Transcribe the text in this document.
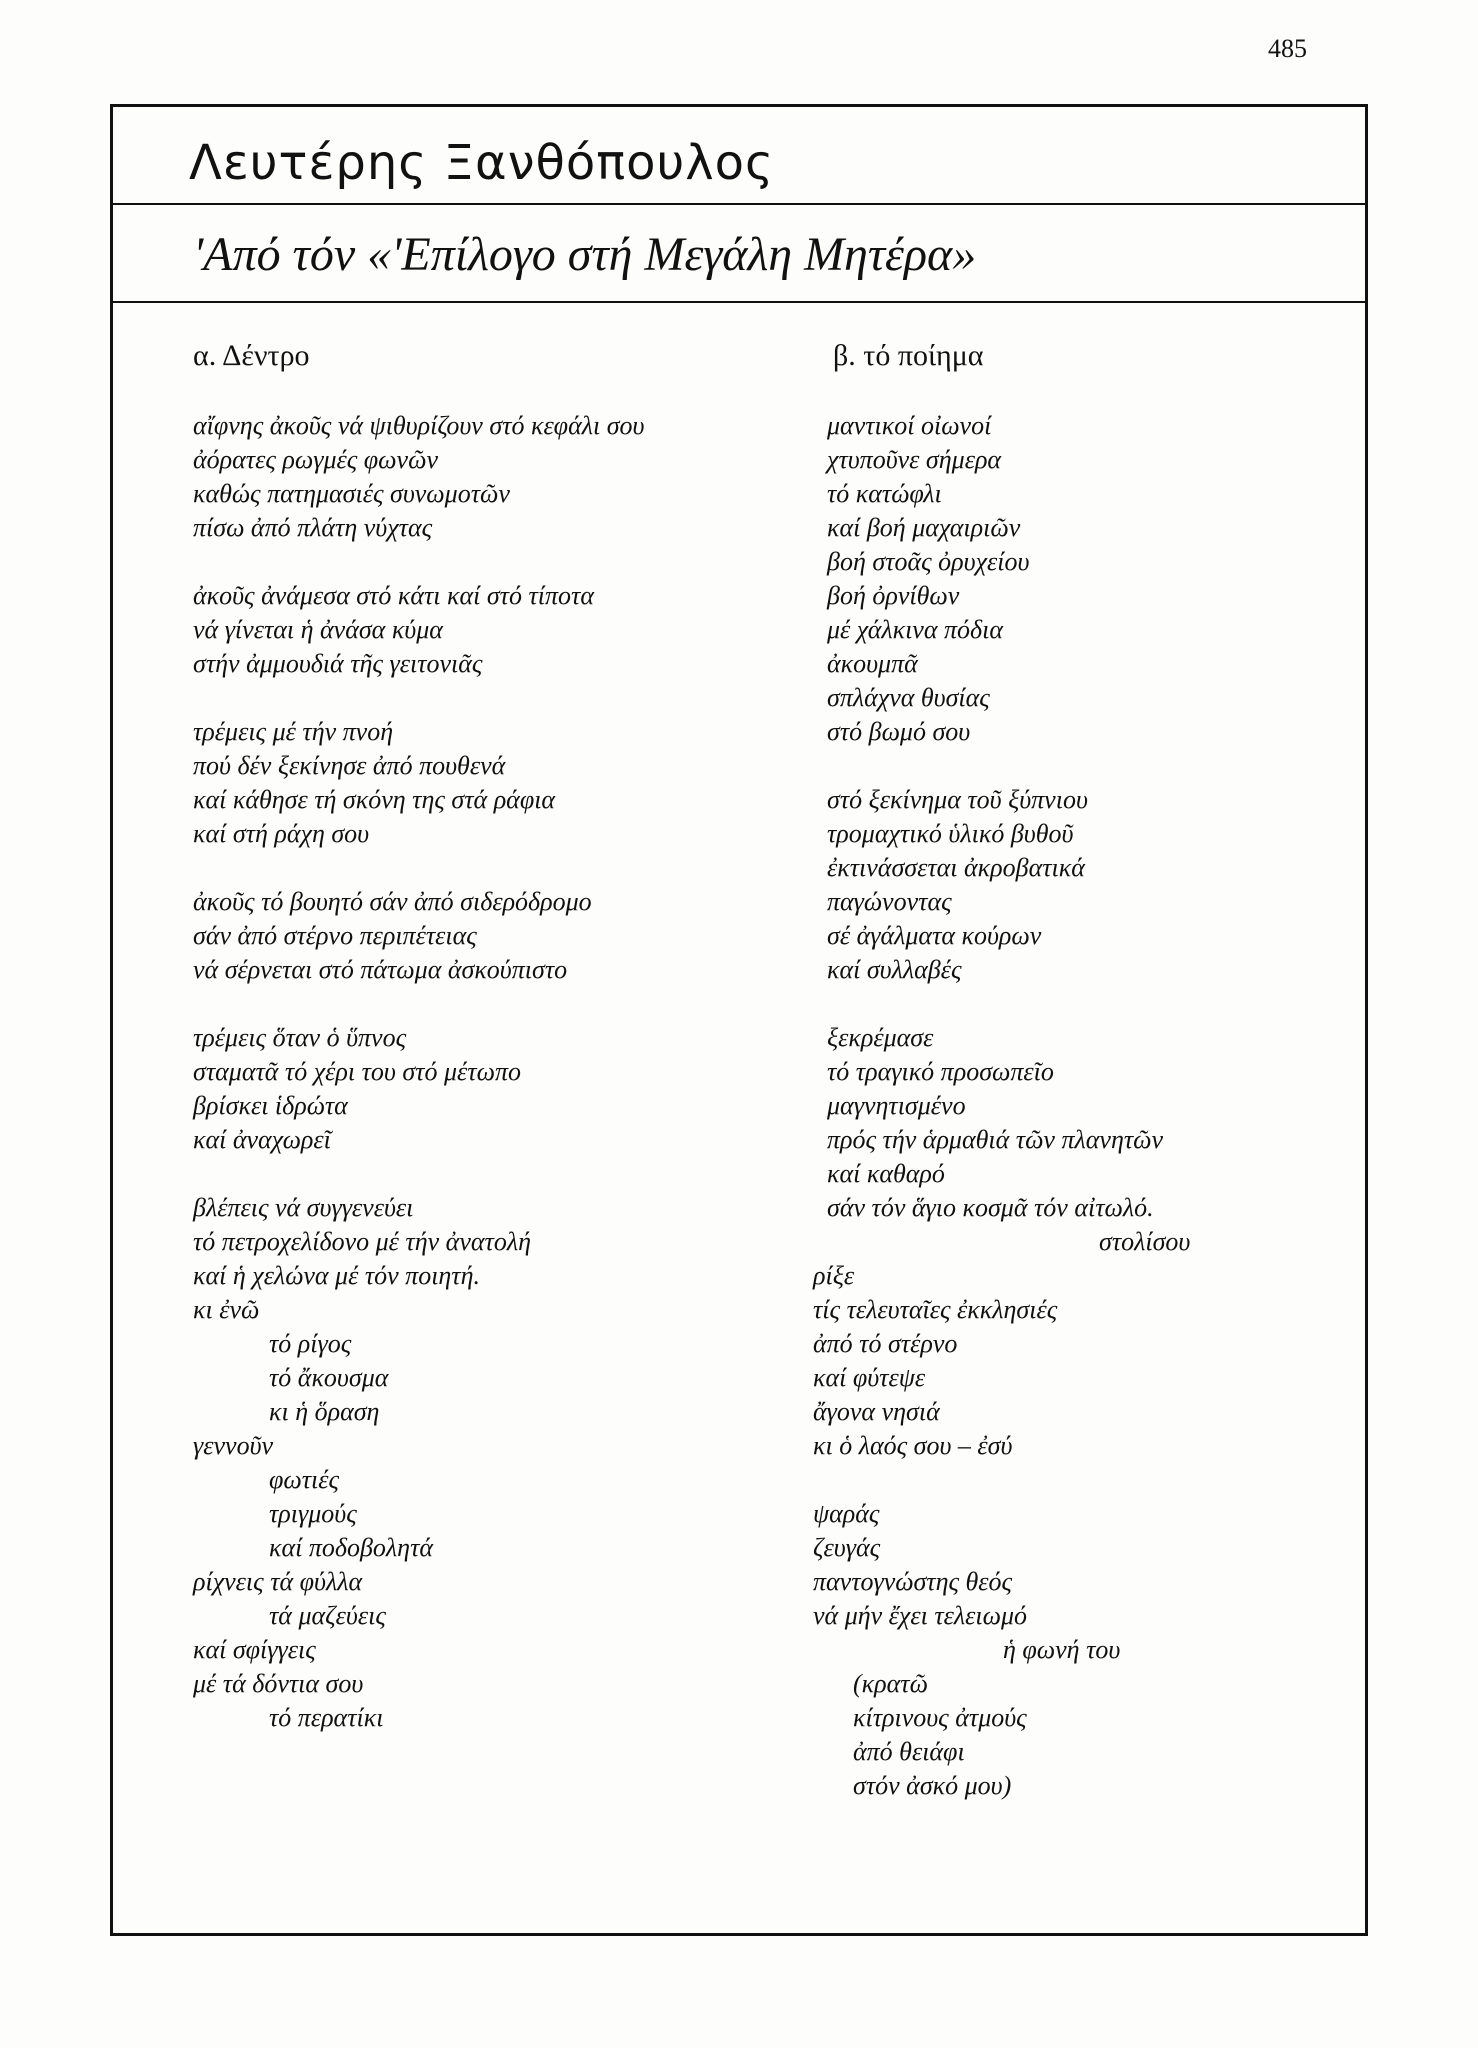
485
Λευτέρης Ξανθόπουλος
'Από τόν «'Επίλογο στή Μεγάλη Μητέρα»
α. Δέντρο
αἴφνης ἀκοῦς νά ψιθυρίζουν στό κεφάλι σου
ἀόρατες ρωγμές φωνῶν
καθώς πατημασιές συνωμοτῶν
πίσω ἀπό πλάτη νύχτας
ἀκοῦς ἀνάμεσα στό κάτι καί στό τίποτα
νά γίνεται ἡ ἀνάσα κύμα
στήν ἀμμουδιά τῆς γειτονιᾶς
τρέμεις μέ τήν πνοή
πού δέν ξεκίνησε ἀπό πουθενά
καί κάθησε τή σκόνη της στά ράφια
καί στή ράχη σου
ἀκοῦς τό βουητό σάν ἀπό σιδερόδρομο
σάν ἀπό στέρνο περιπέτειας
νά σέρνεται στό πάτωμα ἀσκούπιστο
τρέμεις ὅταν ὁ ὕπνος
σταματᾶ τό χέρι του στό μέτωπο
βρίσκει ἱδρώτα
καί ἀναχωρεῖ
βλέπεις νά συγγενεύει
τό πετροχελίδονο μέ τήν ἀνατολή
καί ἡ χελώνα μέ τόν ποιητή.
κι ἐνῶ
τό ρίγος
τό ἄκουσμα
κι ἡ ὅραση
γεννοῦν
φωτιές
τριγμούς
καί ποδοβολητά
ρίχνεις τά φύλλα
τά μαζεύεις
καί σφίγγεις
μέ τά δόντια σου
τό περατίκι
β. τό ποίημα
μαντικοί οἰωνοί
χτυποῦνε σήμερα
τό κατώφλι
καί βοή μαχαιριῶν
βοή στοᾶς ὀρυχείου
βοή ὀρνίθων
μέ χάλκινα πόδια
ἀκουμπᾶ
σπλάχνα θυσίας
στό βωμό σου
στό ξεκίνημα τοῦ ξύπνιου
τρομαχτικό ὑλικό βυθοῦ
ἐκτινάσσεται ἀκροβατικά
παγώνοντας
σέ ἀγάλματα κούρων
καί συλλαβές
ξεκρέμασε
τό τραγικό προσωπεῖο
μαγνητισμένο
πρός τήν ἁρμαθιά τῶν πλανητῶν
καί καθαρό
σάν τόν ἅγιο κοσμᾶ τόν αἰτωλό.
στολίσου
ρίξε
τίς τελευταῖες ἐκκλησιές
ἀπό τό στέρνο
καί φύτεψε
ἄγονα νησιά
κι ὁ λαός σου – ἐσύ
ψαράς
ζευγάς
παντογνώστης θεός
νά μήν ἔχει τελειωμό
ἡ φωνή του
(κρατῶ
κίτρινους ἀτμούς
ἀπό θειάφι
στόν ἀσκό μου)
